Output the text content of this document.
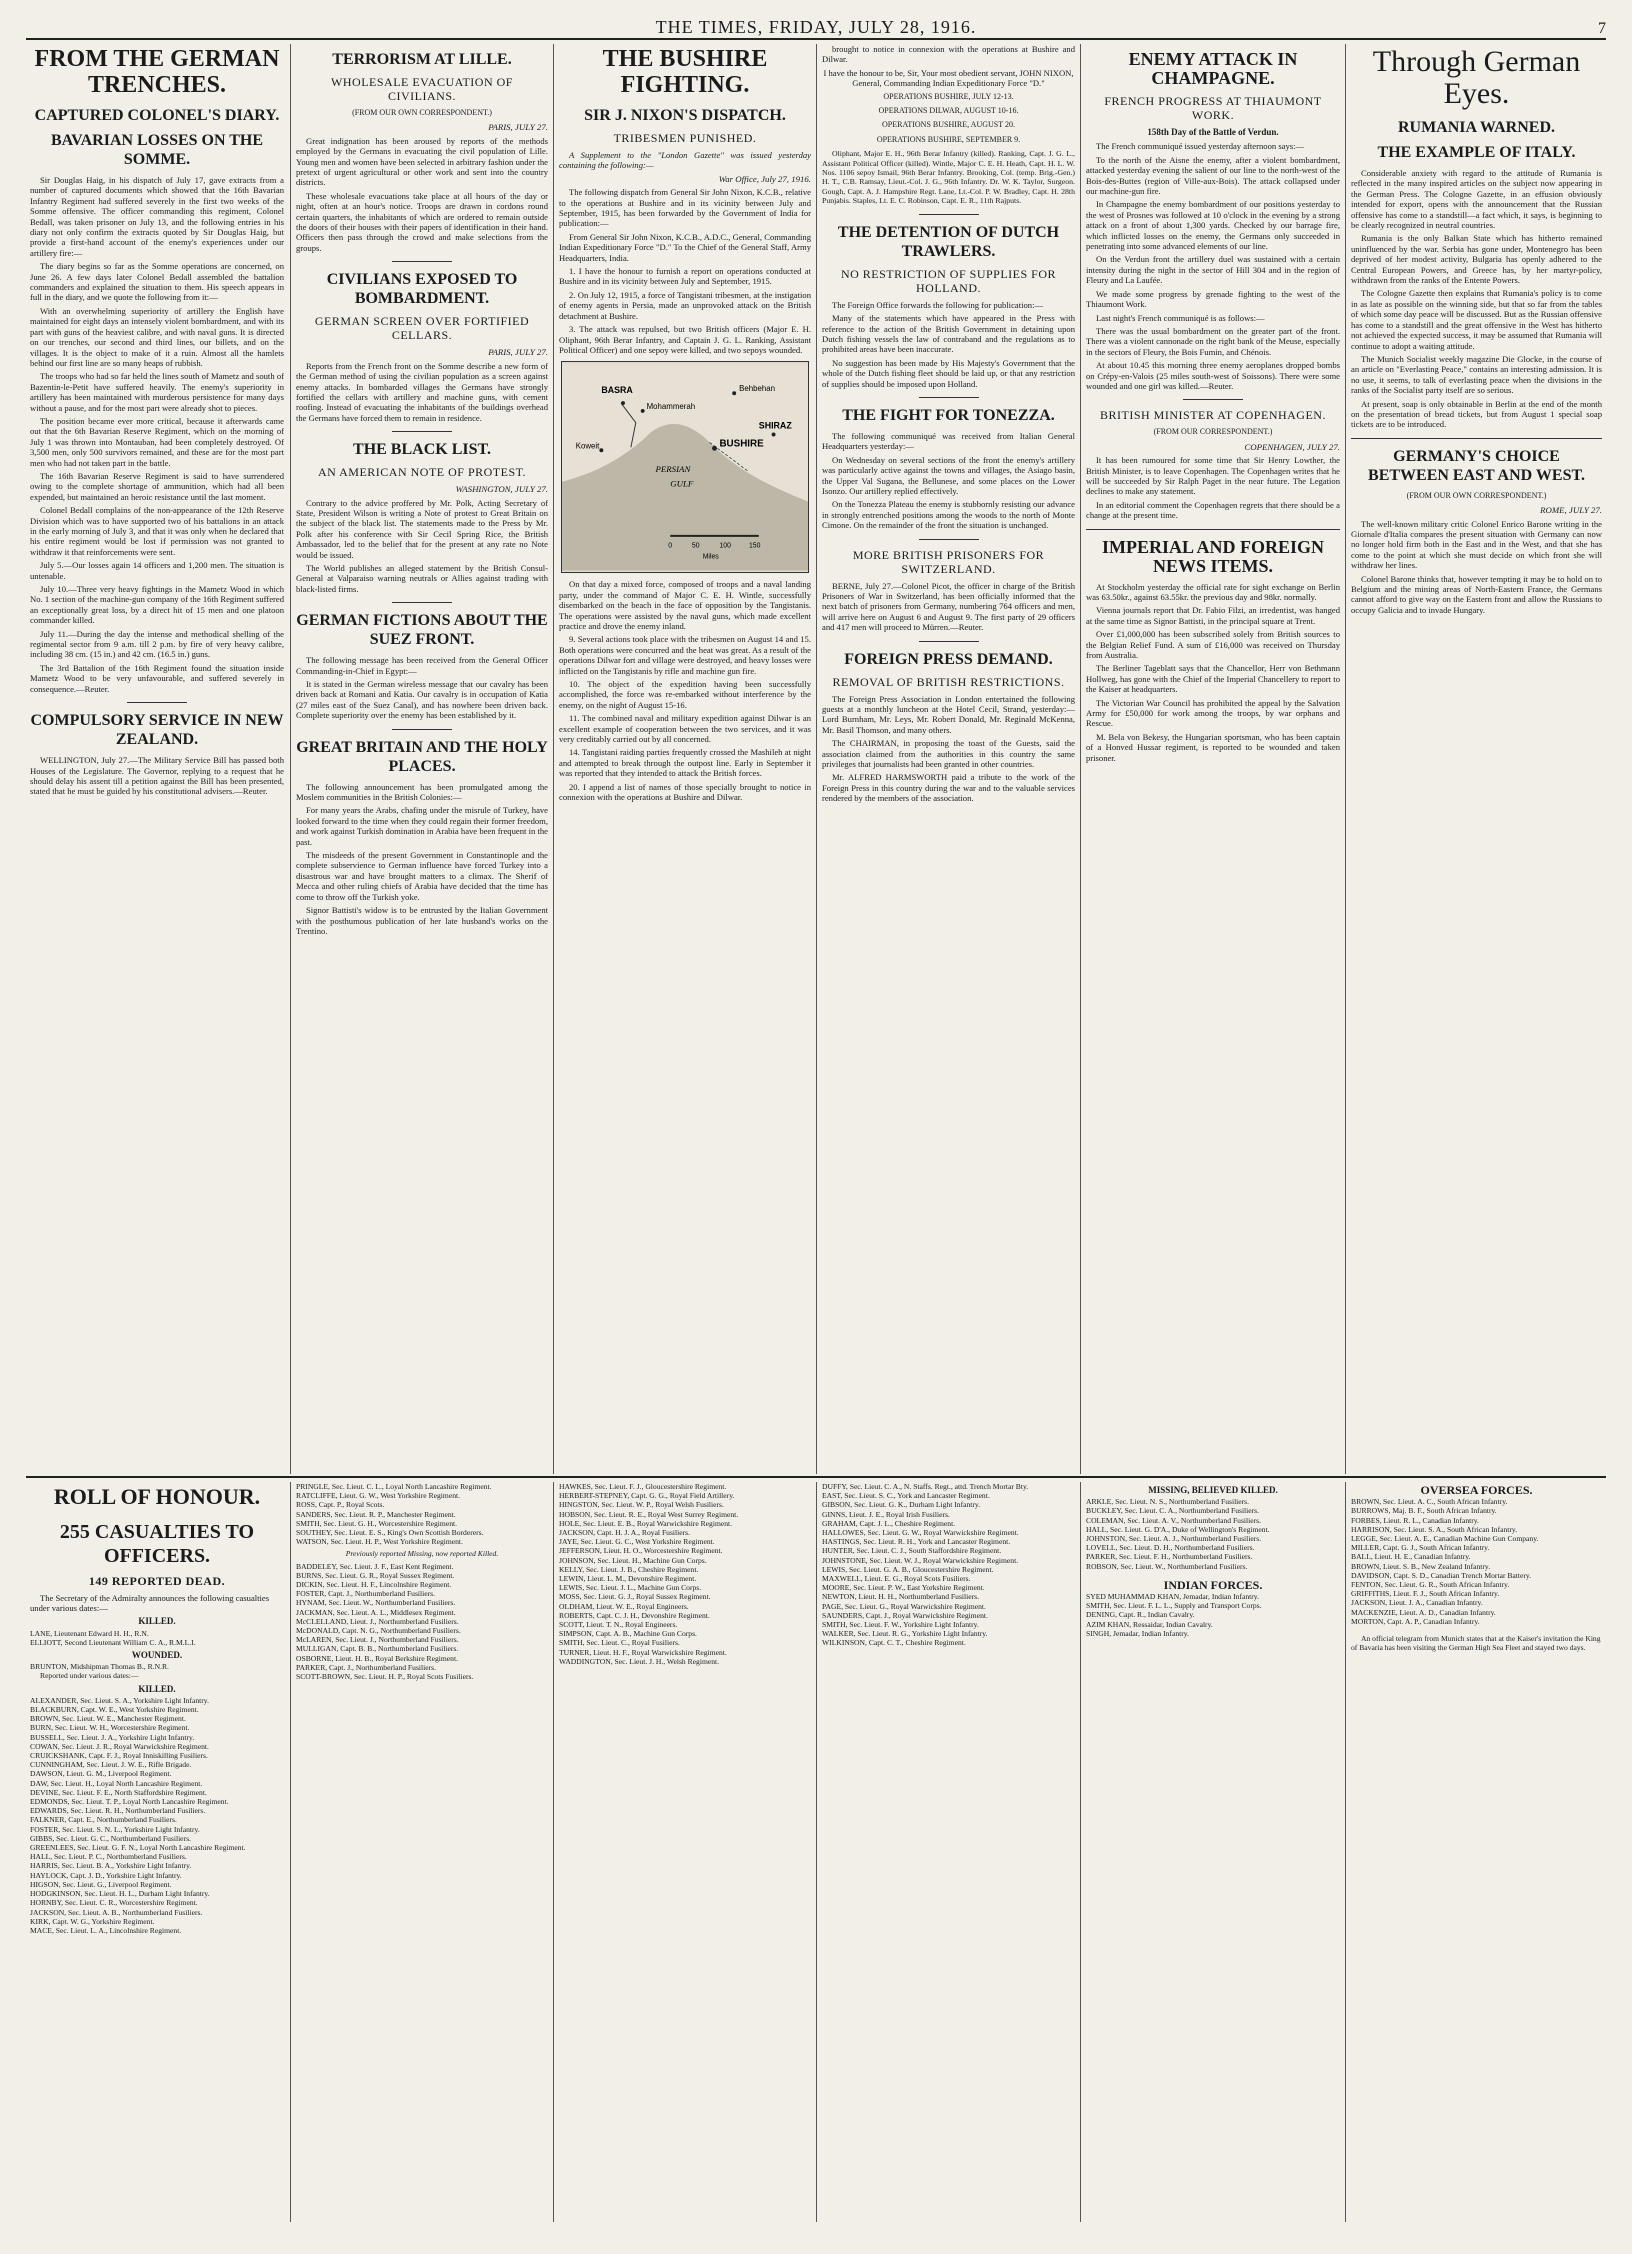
THE TIMES, FRIDAY, JULY 28, 1916.	7
FROM THE GERMAN TRENCHES.
CAPTURED COLONEL'S DIARY.
BAVARIAN LOSSES ON THE SOMME.

Sir Douglas Haig, in his dispatch of July 17, gave extracts from a number of captured documents which showed that the 16th Bavarian Infantry Regiment had suffered severely in the first two weeks of the Somme offensive. The officer commanding this regiment, Colonel Bedall, was taken prisoner on July 13, and the following entries in his diary not only confirm the extracts quoted by Sir Douglas Haig, but provide a first-hand account of the enemy's experiences under our artillery fire:—

The diary begins so far as the Somme operations are concerned, on June 26. A few days later Colonel Bedall assembled the battalion commanders and explained the situation to them. His speech appears in full in the diary, and we quote the following from it:—

With an overwhelming superiority of artillery the English have maintained for eight days an intensely violent bombardment, and with its part with guns of the heaviest calibre, and with naval guns. It is directed on our trenches, our second and third lines, our billets, and on the villages. It is the object to make of it a ruin. Almost all the hamlets behind our first line are so many heaps of rubbish.

The troops who had so far held the lines south of Mametz and south of Bazentin-le-Petit have suffered heavily. The enemy's superiority in artillery has been maintained with murderous persistence for many days without a pause, and for the most part were already shot to pieces.

The position became ever more critical, because it afterwards came out that the 6th Bavarian Reserve Regiment, which on the morning of July 1 was thrown into Montauban, had been completely destroyed. Of 3,500 men, only 500 survivors remained, and these are for the most part men who had not taken part in the battle.

The 16th Bavarian Reserve Regiment is said to have surrendered owing to the complete shortage of ammunition, which had all been expended, but maintained an heroic resistance until the last moment.

Colonel Bedall complains of the non-appearance of the 12th Reserve Division which was to have supported two of his battalions in an attack in the early morning of July 3, and that it was only when he declared that his entire regiment would be lost if permission was not granted to withdraw it that reinforcements were sent.

July 5.—Our losses again 14 officers and 1,200 men. The situation is untenable.

July 10.—Three very heavy fightings in the Mametz Wood in which No. 1 section of the machine-gun company of the 16th Regiment suffered an exceptionally great loss, by a direct hit of 15 men and one platoon commander killed.

July 11.—During the day the intense and methodical shelling of the regimental sector from 9 a.m. till 2 p.m. by fire of very heavy calibre, including 38 cm. (15 in.) and 42 cm. (16.5 in.) guns.

The 3rd Battalion of the 16th Regiment found the situation inside Mametz Wood to be very unfavourable, and suffered severely in consequence.—Reuter.

COMPULSORY SERVICE IN NEW ZEALAND.

WELLINGTON, July 27.—The Military Service Bill has passed both Houses of the Legislature. The Governor, replying to a request that he should delay his assent till a petition against the Bill has been presented, stated that he must be guided by his constitutional advisers.—Reuter.

TERRORISM AT LILLE.
WHOLESALE EVACUATION OF CIVILIANS.
(FROM OUR OWN CORRESPONDENT.)
PARIS, JULY 27.

Great indignation has been aroused by reports of the methods employed by the Germans in evacuating the civil population of Lille. Young men and women have been selected in arbitrary fashion under the pretext of urgent agricultural or other work and sent into the country districts.

These wholesale evacuations take place at all hours of the day or night, often at an hour's notice. Troops are drawn in cordons round certain quarters, the inhabitants of which are ordered to remain outside the doors of their houses with their papers of identification in their hand. Officers then pass through the crowd and make selections from the groups.

CIVILIANS EXPOSED TO BOMBARDMENT.
GERMAN SCREEN OVER FORTIFIED CELLARS.
PARIS, JULY 27.

Reports from the French front on the Somme describe a new form of the German method of using the civilian population as a screen against enemy attacks. In bombarded villages the Germans have strongly fortified the cellars with artillery and machine guns, with cement roofing. Instead of evacuating the inhabitants of the buildings overhead the Germans have forced them to remain in residence.

THE BLACK LIST.
AN AMERICAN NOTE OF PROTEST.
WASHINGTON, JULY 27.

Contrary to the advice proffered by Mr. Polk, Acting Secretary of State, President Wilson is writing a Note of protest to Great Britain on the subject of the black list. The statements made to the Press by Mr. Polk after his conference with Sir Cecil Spring Rice, the British Ambassador, led to the belief that for the present at any rate no Note would be issued.

The World publishes an alleged statement by the British Consul-General at Valparaiso warning neutrals or Allies against trading with black-listed firms.

GERMAN FICTIONS ABOUT THE SUEZ FRONT.

The following message has been received from the General Officer Commanding-in-Chief in Egypt:—

It is stated in the German wireless message that our cavalry has been driven back at Romani and Katia. Our cavalry is in occupation of Katia (27 miles east of the Suez Canal), and has nowhere been driven back. Complete superiority over the enemy has been established by it.

GREAT BRITAIN AND THE HOLY PLACES.

The following announcement has been promulgated among the Moslem communities in the British Colonies:—

For many years the Arabs, chafing under the misrule of Turkey, have looked forward to the time when they could regain their former freedom, and work against Turkish domination in Arabia have been frequent in the past.

The misdeeds of the present Government in Constantinople and the complete subservience to German influence have forced Turkey into a disastrous war and have brought matters to a climax. The Sherif of Mecca and other ruling chiefs of Arabia have decided that the time has come to throw off the Turkish yoke.

Signor Battisti's widow is to be entrusted by the Italian Government with the posthumous publication of her late husband's works on the Trentino.

THE BUSHIRE FIGHTING.
SIR J. NIXON'S DISPATCH.
TRIBESMEN PUNISHED.

A Supplement to the "London Gazette" was issued yesterday containing the following:—

War Office, July 27, 1916.

The following dispatch from General Sir John Nixon, K.C.B., relative to the operations at Bushire and in its vicinity between July and September, 1915, has been forwarded by the Government of India for publication:—

From General Sir John Nixon, K.C.B., A.D.C., General, Commanding Indian Expeditionary Force "D." To the Chief of the General Staff, Army Headquarters, India.

1. I have the honour to furnish a report on operations conducted at Bushire and in its vicinity between July and September, 1915.

2. On July 12, 1915, a force of Tangistani tribesmen, at the instigation of enemy agents in Persia, made an unprovoked attack on the British detachment at Bushire.

3. The attack was repulsed, but two British officers (Major E. H. Oliphant, 96th Berar Infantry, and Captain J. G. L. Ranking, Assistant Political Officer) and one sepoy were killed, and two sepoys wounded.

BASRA
Mohammerah
Behbehan
Koweit	BUSHIRE
SHIRAZ
PERSIAN
GULF
0	50	100	150
Miles

On that day a mixed force, composed of troops and a naval landing party, under the command of Major C. E. H. Wintle, successfully disembarked on the beach in the face of opposition by the Tangistanis. The operations were assisted by the naval guns, which made excellent practice and drove the enemy inland.

9. Several actions took place with the tribesmen on August 14 and 15. Both operations were concurred and the heat was great. As a result of the operations Dilwar fort and village were destroyed, and heavy losses were inflicted on the Tangistanis by rifle and machine gun fire.

10. The object of the expedition having been successfully accomplished, the force was re-embarked without interference by the enemy, on the night of August 15-16.

11. The combined naval and military expedition against Dilwar is an excellent example of cooperation between the two services, and it was very creditably carried out by all concerned.

14. Tangistani raiding parties frequently crossed the Mashileh at night and attempted to break through the outpost line. Early in September it was reported that they intended to attack the British forces.

20. I append a list of names of those specially brought to notice in connexion with the operations at Bushire and Dilwar.

brought to notice in connexion with the operations at Bushire and Dilwar.

I have the honour to be, Sir, Your most obedient servant, JOHN NIXON, General, Commanding Indian Expeditionary Force "D."

OPERATIONS BUSHIRE, JULY 12-13.
OPERATIONS DILWAR, AUGUST 10-16.
OPERATIONS BUSHIRE, AUGUST 20.
OPERATIONS BUSHIRE, SEPTEMBER 9.

Oliphant, Major E. H., 96th Berar Infantry (killed). Ranking, Capt. J. G. L., Assistant Political Officer (killed). Wintle, Major C. E. H. Heath, Capt. H. L. W. Nos. 1106 sepoy Ismail, 96th Berar Infantry. Brooking, Col. (temp. Brig.-Gen.) H. T., C.B. Ramsay, Lieut.-Col. J. G., 96th Infantry. Dr. W. K. Taylor, Surgeon. Gough, Capt. A. J. Hampshire Regt. Lane, Lt.-Col. P. W. Bradley, Capt. H. 28th Punjabis. Staples, Lt. E. C. Robinson, Capt. E. R., 11th Rajputs.

THE DETENTION OF DUTCH TRAWLERS.
NO RESTRICTION OF SUPPLIES FOR HOLLAND.

The Foreign Office forwards the following for publication:—

Many of the statements which have appeared in the Press with reference to the action of the British Government in detaining upon Dutch fishing vessels the law of contraband and the regulations as to prohibited areas have been inaccurate.

No suggestion has been made by His Majesty's Government that the whole of the Dutch fishing fleet should be laid up, or that any restriction of supplies should be imposed upon Holland.

THE FIGHT FOR TONEZZA.

The following communiqué was received from Italian General Headquarters yesterday:—

On Wednesday on several sections of the front the enemy's artillery was particularly active against the towns and villages, the Asiago basin, the Upper Val Sugana, the Bellunese, and some places on the Lower Isonzo. Our artillery replied effectively.

On the Tonezza Plateau the enemy is stubbornly resisting our advance in strongly entrenched positions among the woods to the north of Monte Cimone. On the remainder of the front the situation is unchanged.

MORE BRITISH PRISONERS FOR SWITZERLAND.

BERNE, July 27.—Colonel Picot, the officer in charge of the British Prisoners of War in Switzerland, has been officially informed that the next batch of prisoners from Germany, numbering 764 officers and men, will arrive here on August 6 and August 9. The first party of 29 officers and 417 men will proceed to Mürren.—Reuter.

FOREIGN PRESS DEMAND.
REMOVAL OF BRITISH RESTRICTIONS.

The Foreign Press Association in London entertained the following guests at a monthly luncheon at the Hotel Cecil, Strand, yesterday:—Lord Burnham, Mr. Leys, Mr. Robert Donald, Mr. Reginald McKenna, Mr. Basil Thomson, and many others.

The CHAIRMAN, in proposing the toast of the Guests, said the association claimed from the authorities in this country the same privileges that journalists had been granted in other countries.

Mr. ALFRED HARMSWORTH paid a tribute to the work of the Foreign Press in this country during the war and to the valuable services rendered by the members of the association.

ENEMY ATTACK IN CHAMPAGNE.
FRENCH PROGRESS AT THIAUMONT WORK.
158th Day of the Battle of Verdun.

The French communiqué issued yesterday afternoon says:—

To the north of the Aisne the enemy, after a violent bombardment, attacked yesterday evening the salient of our line to the north-west of the Bois-des-Buttes (region of Ville-aux-Bois). The attack collapsed under our machine-gun fire.

In Champagne the enemy bombardment of our positions yesterday to the west of Prosnes was followed at 10 o'clock in the evening by a strong attack on a front of about 1,300 yards. Checked by our barrage fire, which inflicted losses on the enemy, the Germans only succeeded in penetrating into some advanced elements of our line.

On the Verdun front the artillery duel was sustained with a certain intensity during the night in the sector of Hill 304 and in the region of Fleury and La Laufée.

We made some progress by grenade fighting to the west of the Thiaumont Work.

Last night's French communiqué is as follows:—

There was the usual bombardment on the greater part of the front. There was a violent cannonade on the right bank of the Meuse, especially in the sectors of Fleury, the Bois Fumin, and Chénois.

At about 10.45 this morning three enemy aeroplanes dropped bombs on Crépy-en-Valois (25 miles south-west of Soissons). There were some wounded and one girl was killed.—Reuter.

BRITISH MINISTER AT COPENHAGEN.
(FROM OUR CORRESPONDENT.)
COPENHAGEN, JULY 27.

It has been rumoured for some time that Sir Henry Lowther, the British Minister, is to leave Copenhagen. The Copenhagen writes that he will be succeeded by Sir Ralph Paget in the near future. The Legation declines to make any statement.

In an editorial comment the Copenhagen regrets that there should be a change at the present time.

IMPERIAL AND FOREIGN NEWS ITEMS.

At Stockholm yesterday the official rate for sight exchange on Berlin was 63.50kr., against 63.55kr. the previous day and 98kr. normally.

Vienna journals report that Dr. Fabio Filzi, an irredentist, was hanged at the same time as Signor Battisti, in the principal square at Trent.

Over £1,000,000 has been subscribed solely from British sources to the Belgian Relief Fund. A sum of £16,000 was received on Thursday from Australia.

The Berliner Tageblatt says that the Chancellor, Herr von Bethmann Hollweg, has gone with the Chief of the Imperial Chancellery to report to the Kaiser at headquarters.

The Victorian War Council has prohibited the appeal by the Salvation Army for £50,000 for work among the troops, by war orphans and Rescue.

M. Bela von Bekesy, the Hungarian sportsman, who has been captain of a Honved Hussar regiment, is reported to be wounded and taken prisoner.

Through German Eyes.
RUMANIA WARNED.
THE EXAMPLE OF ITALY.

Considerable anxiety with regard to the attitude of Rumania is reflected in the many inspired articles on the subject now appearing in the German Press. The Cologne Gazette, in an effusion obviously intended for export, opens with the announcement that the Russian offensive has come to a standstill—a fact which, it says, is beginning to be clearly recognized in neutral countries.

Rumania is the only Balkan State which has hitherto remained uninfluenced by the war. Serbia has gone under, Montenegro has been deprived of her modest activity, Bulgaria has openly adhered to the Central European Powers, and Greece has, by her martyr-policy, withdrawn from the ranks of the Entente Powers.

The Cologne Gazette then explains that Rumania's policy is to come in as late as possible on the winning side, but that so far from the tables of which some day peace will be discussed. But as the Russian offensive has come to a standstill and the great offensive in the West has hitherto not achieved the expected success, it may be assumed that Rumania will continue to adopt a waiting attitude.

The Munich Socialist weekly magazine Die Glocke, in the course of an article on "Everlasting Peace," contains an interesting admission. It is no use, it seems, to talk of everlasting peace when the divisions in the ranks of the Socialist party itself are so serious.

At present, soap is only obtainable in Berlin at the end of the month on the presentation of bread tickets, but from August 1 special soap tickets are to be introduced.

GERMANY'S CHOICE BETWEEN EAST AND WEST.
(FROM OUR OWN CORRESPONDENT.)
ROME, JULY 27.

The well-known military critic Colonel Enrico Barone writing in the Giornale d'Italia compares the present situation with Germany can now no longer hold firm both in the East and in the West, and that she has come to the point at which she must decide on which front she will withdraw her lines.

Colonel Barone thinks that, however tempting it may be to hold on to Belgium and the mining areas of North-Eastern France, the Germans cannot afford to give way on the Eastern front and allow the Russians to occupy Galicia and to invade Hungary.

ROLL OF HONOUR.
255 CASUALTIES TO OFFICERS.
149 REPORTED DEAD.

The Secretary of the Admiralty announces the following casualties under various dates:—

KILLED.

LANE, Lieutenant Edward H. H., R.N.

ELLIOTT, Second Lieutenant William C. A., R.M.L.I.

WOUNDED.

BRUNTON, Midshipman Thomas B., R.N.R.

Reported under various dates:—

KILLED.

ALEXANDER, Sec. Lieut. S. A., Yorkshire Light Infantry.

BLACKBURN, Capt. W. E., West Yorkshire Regiment.

BROWN, Sec. Lieut. W. E., Manchester Regiment.

BURN, Sec. Lieut. W. H., Worcestershire Regiment.

BUSSELL, Sec. Lieut. J. A., Yorkshire Light Infantry.

COWAN, Sec. Lieut. J. R., Royal Warwickshire Regiment.

CRUICKSHANK, Capt. F. J., Royal Inniskilling Fusiliers.

CUNNINGHAM, Sec. Lieut. J. W. E., Rifle Brigade.

DAWSON, Lieut. G. M., Liverpool Regiment.

DAW, Sec. Lieut. H., Loyal North Lancashire Regiment.

DEVINE, Sec. Lieut. F. E., North Staffordshire Regiment.

EDMONDS, Sec. Lieut. T. P., Loyal North Lancashire Regiment.

EDWARDS, Sec. Lieut. R. H., Northumberland Fusiliers.

FALKNER, Capt. E., Northumberland Fusiliers.

FOSTER, Sec. Lieut. S. N. L., Yorkshire Light Infantry.

GIBBS, Sec. Lieut. G. C., Northumberland Fusiliers.

GREENLEES, Sec. Lieut. G. F. N., Loyal North Lancashire Regiment.

HALL, Sec. Lieut. P. C., Northumberland Fusiliers.

HARRIS, Sec. Lieut. B. A., Yorkshire Light Infantry.

HAYLOCK, Capt. J. D., Yorkshire Light Infantry.

HIGSON, Sec. Lieut. G., Liverpool Regiment.

HODGKINSON, Sec. Lieut. H. L., Durham Light Infantry.

HORNBY, Sec. Lieut. C. R., Worcestershire Regiment.

JACKSON, Sec. Lieut. A. B., Northumberland Fusiliers.

KIRK, Capt. W. G., Yorkshire Regiment.

MACE, Sec. Lieut. L. A., Lincolnshire Regiment.

PRINGLE, Sec. Lieut. C. L., Loyal North Lancashire Regiment.

RATCLIFFE, Lieut. G. W., West Yorkshire Regiment.

ROSS, Capt. P., Royal Scots.

SANDERS, Sec. Lieut. R. P., Manchester Regiment.

SMITH, Sec. Lieut. G. H., Worcestershire Regiment.

SOUTHEY, Sec. Lieut. E. S., King's Own Scottish Borderers.

WATSON, Sec. Lieut. H. P., West Yorkshire Regiment.

Previously reported Missing, now reported Killed.

BADDELEY, Sec. Lieut. J. F., East Kent Regiment.

BURNS, Sec. Lieut. G. R., Royal Sussex Regiment.

DICKIN, Sec. Lieut. H. F., Lincolnshire Regiment.

FOSTER, Capt. J., Northumberland Fusiliers.

HYNAM, Sec. Lieut. W., Northumberland Fusiliers.

JACKMAN, Sec. Lieut. A. L., Middlesex Regiment.

McCLELLAND, Lieut. J., Northumberland Fusiliers.

McDONALD, Capt. N. G., Northumberland Fusiliers.

McLAREN, Sec. Lieut. J., Northumberland Fusiliers.

MULLIGAN, Capt. B. B., Northumberland Fusiliers.

OSBORNE, Lieut. H. B., Royal Berkshire Regiment.

PARKER, Capt. J., Northumberland Fusiliers.

SCOTT-BROWN, Sec. Lieut. H. P., Royal Scots Fusiliers.

HAWKES, Sec. Lieut. F. J., Gloucestershire Regiment.

HERBERT-STEPNEY, Capt. G. G., Royal Field Artillery.

HINGSTON, Sec. Lieut. W. P., Royal Welsh Fusiliers.

HOBSON, Sec. Lieut. R. E., Royal West Surrey Regiment.

HOLE, Sec. Lieut. E. B., Royal Warwickshire Regiment.

JACKSON, Capt. H. J. A., Royal Fusiliers.

JAYE, Sec. Lieut. G. C., West Yorkshire Regiment.

JEFFERSON, Lieut. H. O., Worcestershire Regiment.

JOHNSON, Sec. Lieut. H., Machine Gun Corps.

KELLY, Sec. Lieut. J. B., Cheshire Regiment.

LEWIN, Lieut. L. M., Devonshire Regiment.

LEWIS, Sec. Lieut. J. L., Machine Gun Corps.

MOSS, Sec. Lieut. G. J., Royal Sussex Regiment.

OLDHAM, Lieut. W. E., Royal Engineers.

ROBERTS, Capt. C. J. H., Devonshire Regiment.

SCOTT, Lieut. T. N., Royal Engineers.

SIMPSON, Capt. A. B., Machine Gun Corps.

SMITH, Sec. Lieut. C., Royal Fusiliers.

TURNER, Lieut. H. F., Royal Warwickshire Regiment.

WADDINGTON, Sec. Lieut. J. H., Welsh Regiment.

DUFFY, Sec. Lieut. C. A., N. Staffs. Regt., attd. Trench Mortar Bty.

EAST, Sec. Lieut. S. C., York and Lancaster Regiment.

GIBSON, Sec. Lieut. G. K., Durham Light Infantry.

GINNS, Lieut. J. E., Royal Irish Fusiliers.

GRAHAM, Capt. J. L., Cheshire Regiment.

HALLOWES, Sec. Lieut. G. W., Royal Warwickshire Regiment.

HASTINGS, Sec. Lieut. R. H., York and Lancaster Regiment.

HUNTER, Sec. Lieut. C. J., South Staffordshire Regiment.

JOHNSTONE, Sec. Lieut. W. J., Royal Warwickshire Regiment.

LEWIS, Sec. Lieut. G. A. B., Gloucestershire Regiment.

MAXWELL, Lieut. E. G., Royal Scots Fusiliers.

MOORE, Sec. Lieut. P. W., East Yorkshire Regiment.

NEWTON, Lieut. H. H., Northumberland Fusiliers.

PAGE, Sec. Lieut. G., Royal Warwickshire Regiment.

SAUNDERS, Capt. J., Royal Warwickshire Regiment.

SMITH, Sec. Lieut. F. W., Yorkshire Light Infantry.

WALKER, Sec. Lieut. R. G., Yorkshire Light Infantry.

WILKINSON, Capt. C. T., Cheshire Regiment.

MISSING, BELIEVED KILLED.

ARKLE, Sec. Lieut. N. S., Northumberland Fusiliers.

BUCKLEY, Sec. Lieut. C. A., Northumberland Fusiliers.

COLEMAN, Sec. Lieut. A. V., Northumberland Fusiliers.

HALL, Sec. Lieut. G. D'A., Duke of Wellington's Regiment.

JOHNSTON, Sec. Lieut. A. J., Northumberland Fusiliers.

LOVELL, Sec. Lieut. D. H., Northumberland Fusiliers.

PARKER, Sec. Lieut. F. H., Northumberland Fusiliers.

ROBSON, Sec. Lieut. W., Northumberland Fusiliers.

INDIAN FORCES.

SYED MUHAMMAD KHAN, Jemadar, Indian Infantry.

SMITH, Sec. Lieut. F. L. L., Supply and Transport Corps.

DENING, Capt. R., Indian Cavalry.

AZIM KHAN, Ressaidar, Indian Cavalry.

SINGH, Jemadar, Indian Infantry.

OVERSEA FORCES.

BROWN, Sec. Lieut. A. C., South African Infantry.

BURROWS, Maj. B. F., South African Infantry.

FORBES, Lieut. R. L., Canadian Infantry.

HARRISON, Sec. Lieut. S. A., South African Infantry.

LEGGE, Sec. Lieut. A. E., Canadian Machine Gun Company.

MILLER, Capt. G. J., South African Infantry.

BALL, Lieut. H. E., Canadian Infantry.

BROWN, Lieut. S. B., New Zealand Infantry.

DAVIDSON, Capt. S. D., Canadian Trench Mortar Battery.

FENTON, Sec. Lieut. G. R., South African Infantry.

GRIFFITHS, Lieut. F. J., South African Infantry.

JACKSON, Lieut. J. A., Canadian Infantry.

MACKENZIE, Lieut. A. D., Canadian Infantry.

MORTON, Capt. A. P., Canadian Infantry.

An official telegram from Munich states that at the Kaiser's invitation the King of Bavaria has been visiting the German High Sea Fleet and stayed two days.
